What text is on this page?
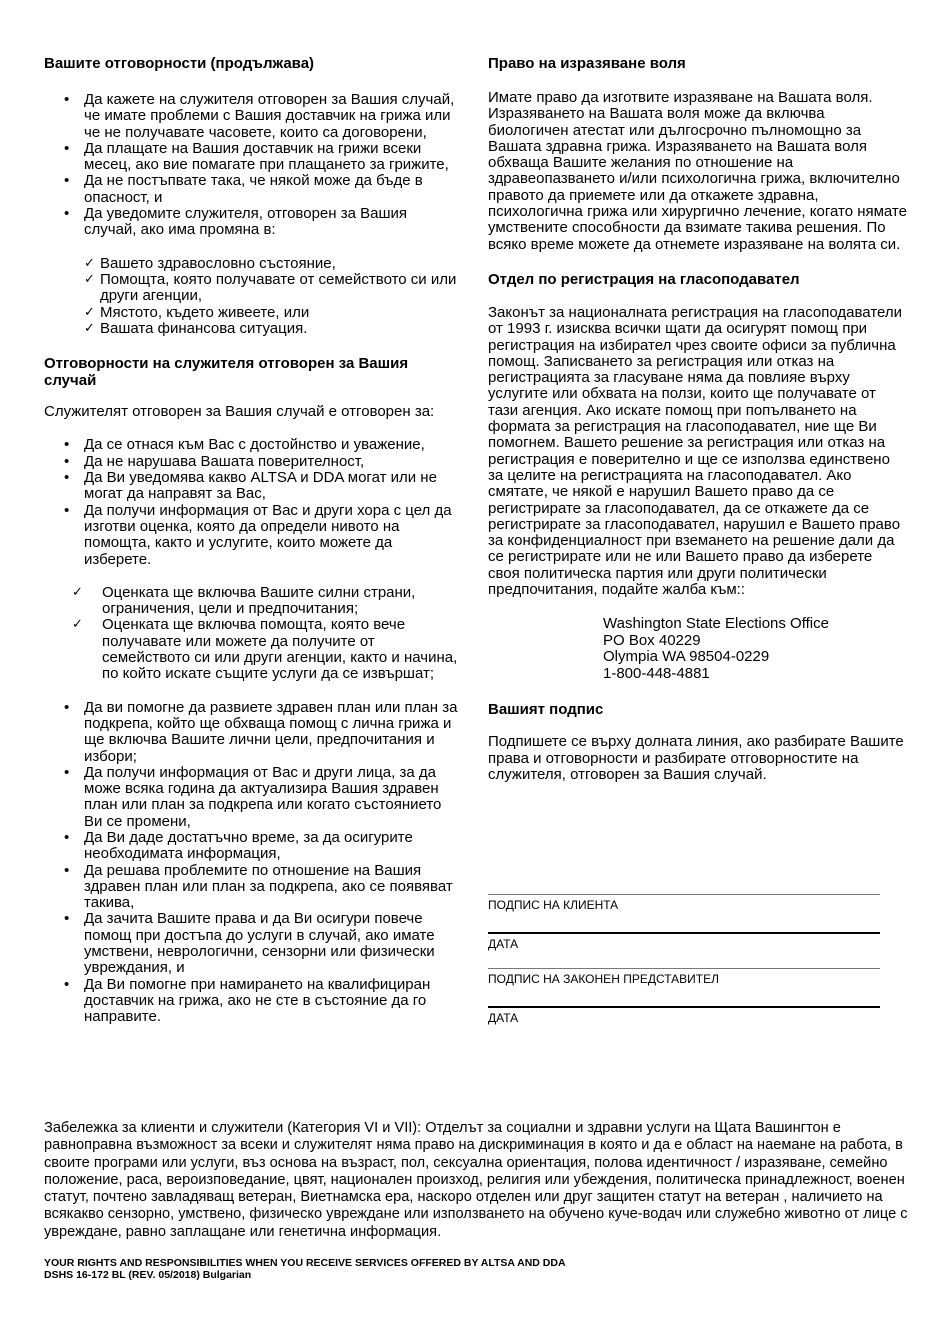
Вашите отговорности (продължава)
• Да кажете на служителя отговорен за Вашия случай, че имате проблеми с Вашия доставчик на грижа или че не получавате часовете, които са договорени,
• Да плащате на Вашия доставчик на грижи всеки месец, ако вие помагате при плащането за грижите,
• Да не постъпвате така, че някой може да бъде в опасност, и
• Да уведомите служителя, отговорен за Вашия случай, ако има промяна в:
✓ Вашето здравословно състояние,
✓ Помощта, която получавате от семейството си или други агенции,
✓ Мястото, където живеете, или
✓ Вашата финансова ситуация.
Отговорности на служителя отговорен за Вашия случай

Служителят отговорен за Вашия случай е отговорен за:

• Да се отнася към Вас с достойнство и уважение,
• Да не нарушава Вашата поверителност,
• Да Ви уведомява какво ALTSA и DDA могат или не могат да направят за Вас,
• Да получи информация от Вас и други хора с цел да изготви оценка, която да определи нивото на помощта, както и услугите, които можете да изберете.
✓ Оценката ще включва Вашите силни страни, ограничения, цели и предпочитания;
✓ Оценката ще включва помощта, която вече получавате или можете да получите от семейството си или други агенции, както и начина, по който искате същите услуги да се извършат;
• Да ви помогне да развиете здравен план или план за подкрепа, който ще обхваща помощ с лична грижа и ще включва Вашите лични цели, предпочитания и избори;
• Да получи информация от Вас и други лица, за да може всяка година да актуализира Вашия здравен план или план за подкрепа или когато състоянието Ви се промени,
• Да Ви даде достатъчно време, за да осигурите необходимата информация,
• Да решава проблемите по отношение на Вашия здравен план или план за подкрепа, ако се появяват такива,
• Да зачита Вашите права и да Ви осигури повече помощ при достъпа до услуги в случай, ако имате умствени, неврологични, сензорни или физически увреждания, и
• Да Ви помогне при намирането на квалифициран доставчик на грижа, ако не сте в състояние да го направите.
Право на изразяване воля

Имате право да изготвите изразяване на Вашата воля. Изразяването на Вашата воля може да включва биологичен атестат или дългосрочно пълномощно за Вашата здравна грижа. Изразяването на Вашата воля обхваща Вашите желания по отношение на здравеопазването и/или психологична грижа, включително правото да приемете или да откажете здравна, психологична грижа или хирургично лечение, когато нямате умствените способности да взимате такива решения. По всяко време можете да отнемете изразяване на волята си.

Отдел по регистрация на гласоподавател

Законът за националната регистрация на гласоподаватели от 1993 г. изисква всички щати да осигурят помощ при регистрация на избирател чрез своите офиси за публична помощ. Записването за регистрация или отказ на регистрацията за гласуване няма да повлияе върху услугите или обхвата на ползи, които ще получавате от тази агенция. Ако искате помощ при попълването на формата за регистрация на гласоподавател, ние ще Ви помогнем. Вашето решение за регистрация или отказ на регистрация е поверително и ще се използва единствено за целите на регистрацията на гласоподавател. Ако смятате, че някой е нарушил Вашето право да се регистрирате за гласоподавател, да се откажете да се регистрирате за гласоподавател, нарушил е Вашето право за конфиденциалност при вземането на решение дали да се регистрирате или не или Вашето право да изберете своя политическа партия или други политически предпочитания, подайте жалба към::

Washington State Elections Office
PO Box 40229
Olympia WA 98504-0229
1-800-448-4881
Вашият подпис

Подпишете се върху долната линия, ако разбирате Вашите права и отговорности и разбирате отговорностите на служителя, отговорен за Вашия случай.

ПОДПИС НА КЛИЕНТА
ДАТА
ПОДПИС НА ЗАКОНЕН ПРЕДСТАВИТЕЛ
ДАТА

Забележка за клиенти и служители (Категория VI и VII): Отделът за социални и здравни услуги на Щата Вашингтон е равноправна възможност за всеки и служителят няма право на дискриминация в която и да е област на наемане на работа, в своите програми или услуги, въз основа на възраст, пол, сексуална ориентация, полова идентичност / изразяване, семейно положение, раса, вероизповедание, цвят, национален произход, религия или убеждения, политическа принадлежност, военен статут, почтено завладяващ ветеран, Виетнамска ера, наскоро отделен или друг защитен статут на ветеран , наличието на всякакво сензорно, умствено, физическо увреждане или използването на обучено куче-водач или служебно животно от лице с увреждане, равно заплащане или генетична информация.

YOUR RIGHTS AND RESPONSIBILITIES WHEN YOU RECEIVE SERVICES OFFERED BY ALTSA AND DDA
DSHS 16-172 BL (REV. 05/2018) Bulgarian
